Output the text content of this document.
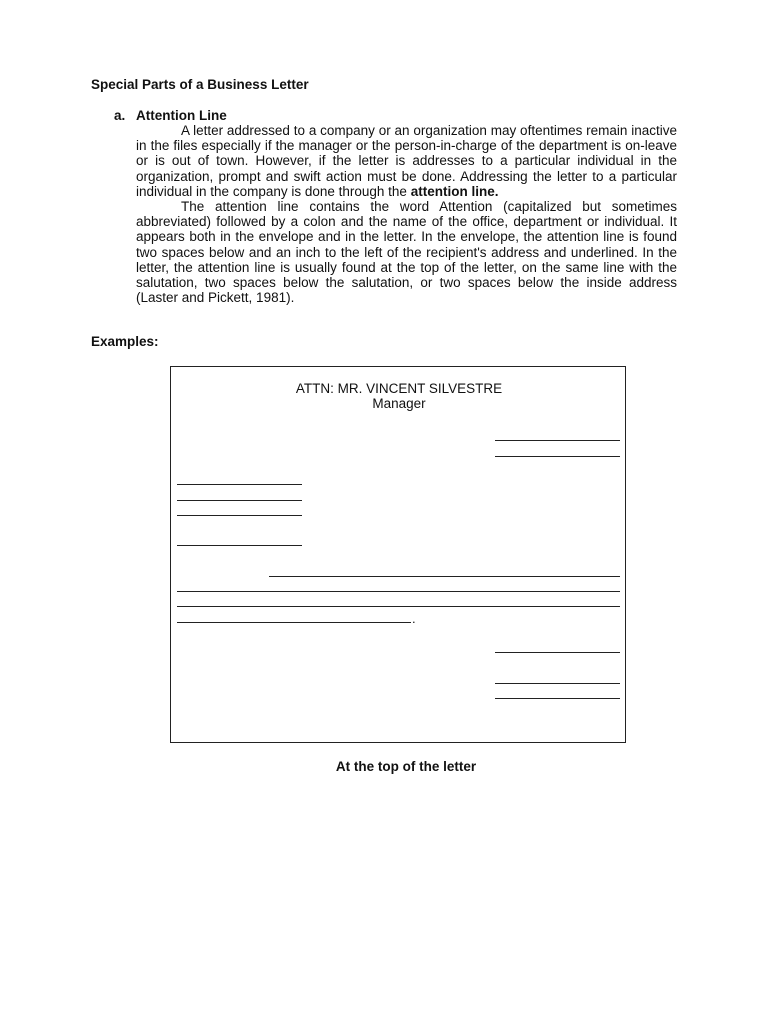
Special Parts of a Business Letter
a. Attention Line

A letter addressed to a company or an organization may oftentimes remain inactive in the files especially if the manager or the person-in-charge of the department is on-leave or is out of town. However, if the letter is addresses to a particular individual in the organization, prompt and swift action must be done. Addressing the letter to a particular individual in the company is done through the attention line.

The attention line contains the word Attention (capitalized but sometimes abbreviated) followed by a colon and the name of the office, department or individual. It appears both in the envelope and in the letter. In the envelope, the attention line is found two spaces below and an inch to the left of the recipient's address and underlined. In the letter, the attention line is usually found at the top of the letter, on the same line with the salutation, two spaces below the salutation, or two spaces below the inside address (Laster and Pickett, 1981).

Examples:
ATTN: MR. VINCENT SILVESTRE
Manager
.
At the top of the letter
